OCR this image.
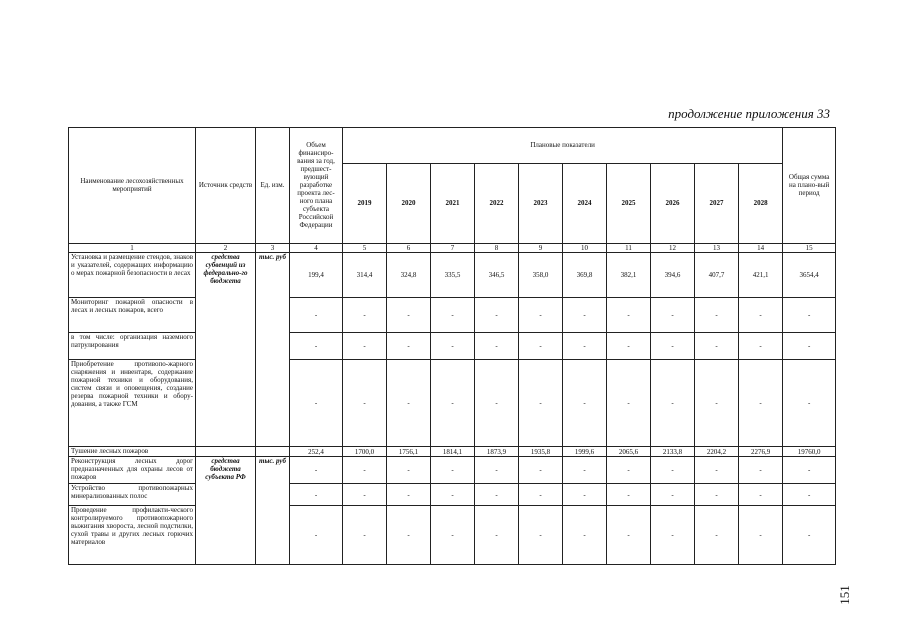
продолжение приложения 33
Наименование лесохозяйственных мероприятий	Источник средств	Ед. изм.	Объем финансиро-вания за год, предшест-вующий разработке проекта лес-ного плана субъекта Российской Федерации	Плановые показатели										Общая сумма на плано-вый период
				2019	2020	2021	2022	2023	2024	2025	2026	2027	2028	
1	2	3	4	5	6	7	8	9	10	11	12	13	14	15
Установка и размещение стендов, знаков и указателей, содержащих информацию о мерах пожарной безопасности в лесах	средства субвенций из федерально-го бюджета	тыс. руб	199,4	314,4	324,8	335,5	346,5	358,0	369,8	382,1	394,6	407,7	421,1	3654,4
Мониторинг пожарной опасности в лесах и лесных пожаров, всего			-	-	-	-	-	-	-	-	-	-	-	-
в том числе: организация наземного патрулирования			-	-	-	-	-	-	-	-	-	-	-	-
Приобретение противопо-жарного снаряжения и инвентаря, содержание пожарной техники и оборудования, систем связи и оповещения, создание резерва пожарной техники и обору-дования, а также ГСМ			-	-	-	-	-	-	-	-	-	-	-	-
Тушение лесных пожаров			252,4	1700,0	1756,1	1814,1	1873,9	1935,8	1999,6	2065,6	2133,8	2204,2	2276,9	19760,0
Реконструкция лесных дорог предназначенных для охраны лесов от пожаров	средства бюджета субъекта РФ	тыс. руб	-	-	-	-	-	-	-	-	-	-	-	-
Устройство противопожарных минерализованных полос			-	-	-	-	-	-	-	-	-	-	-	-
Проведение профилакти-ческого контролируемого противопожарного выжигания хвороста, лесной подстилки, сухой травы и других лесных горючих материалов			-	-	-	-	-	-	-	-	-	-	-	-
151
